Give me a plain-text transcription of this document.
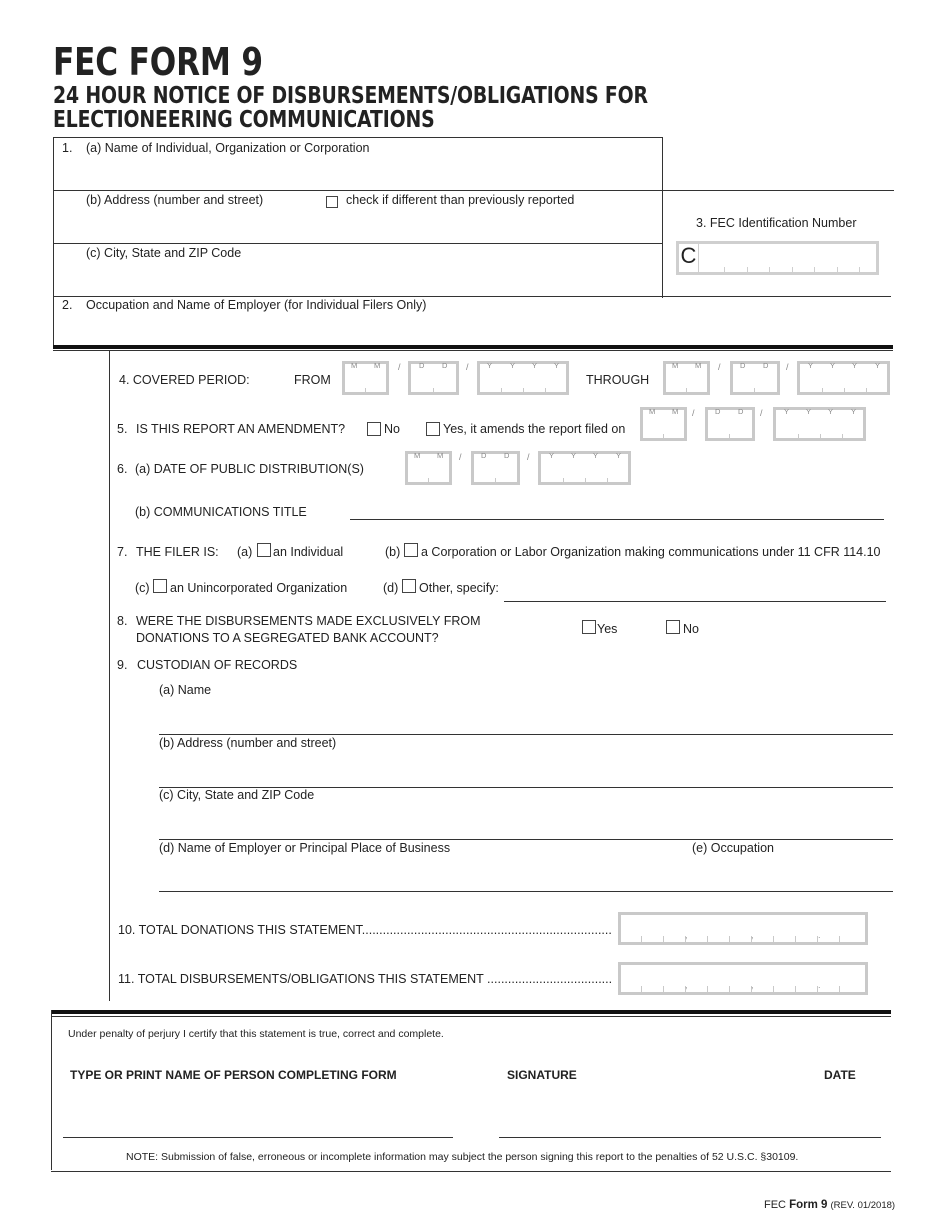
FEC FORM 9
24 HOUR NOTICE OF DISBURSEMENTS/OBLIGATIONS FOR
ELECTIONEERING COMMUNICATIONS
1. (a) Name of Individual, Organization or Corporation
(b) Address (number and street)	check if different than previously reported
(c) City, State and ZIP Code
2. Occupation and Name of Employer (for Individual Filers Only)
3. FEC Identification Number
C
4. COVERED PERIOD:	FROM	THROUGH
M M / D D / Y Y Y Y	M M /	D D /	Y Y Y Y
5. IS THIS REPORT AN AMENDMENT?	No	Yes, it amends the report filed on
M M /	D D /	Y Y Y Y
6. (a) DATE OF PUBLIC DISTRIBUTION(S)
M M /	D D /	Y Y Y Y
(b) COMMUNICATIONS TITLE
7. THE FILER IS: (a) an Individual	(b) a Corporation or Labor Organization making communications under 11 CFR 114.10
(c) an Unincorporated Organization	(d) Other, specify:
8. WERE THE DISBURSEMENTS MADE EXCLUSIVELY FROM
DONATIONS TO A SEGREGATED BANK ACCOUNT?
Yes	No
9. CUSTODIAN OF RECORDS
(a) Name
(b) Address (number and street)
(c) City, State and ZIP Code
(d) Name of Employer or Principal Place of Business	(e) Occupation
10. TOTAL DONATIONS THIS STATEMENT........................................................................	,	,	.
11. TOTAL DISBURSEMENTS/OBLIGATIONS THIS STATEMENT ....................................	,	,	.
Under penalty of perjury I certify that this statement is true, correct and complete.
TYPE OR PRINT NAME OF PERSON COMPLETING FORM	SIGNATURE	DATE
NOTE: Submission of false, erroneous or incomplete information may subject the person signing this report to the penalties of 52 U.S.C. §30109.
FEC Form 9 (REV. 01/2018)
